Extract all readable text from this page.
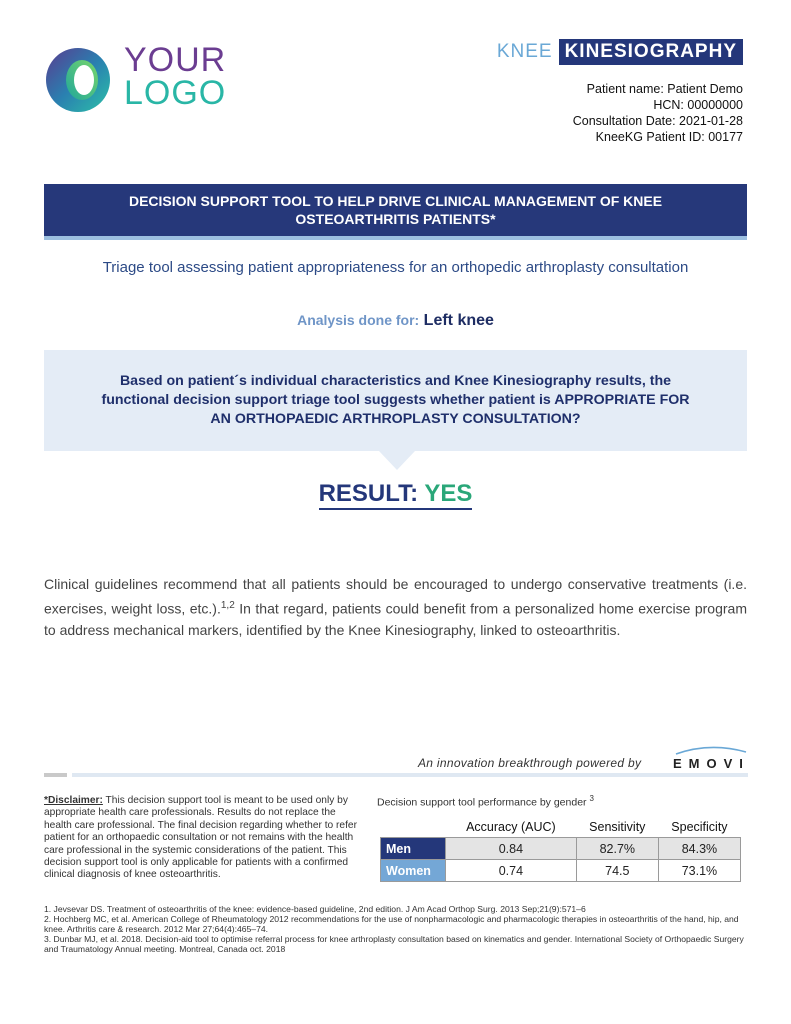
YOUR
LOGO
KNEE KINESIOGRAPHY
Patient name: Patient Demo
HCN: 00000000
Consultation Date: 2021-01-28
KneeKG Patient ID: 00177
DECISION SUPPORT TOOL TO HELP DRIVE CLINICAL MANAGEMENT OF KNEE OSTEOARTHRITIS PATIENTS*
Triage tool assessing patient appropriateness for an orthopedic arthroplasty consultation
Analysis done for: Left knee
Based on patient´s individual characteristics and Knee Kinesiography results, the functional decision support triage tool suggests whether patient is APPROPRIATE FOR AN ORTHOPAEDIC ARTHROPLASTY CONSULTATION?
RESULT: YES
Clinical guidelines recommend that all patients should be encouraged to undergo conservative treatments (i.e. exercises, weight loss, etc.).$^{1,2}$ In that regard, patients could benefit from a personalized home exercise program to address mechanical markers, identified by the Knee Kinesiography, linked to osteoarthritis.
An innovation breakthrough powered by EMOVI
*Disclaimer: This decision support tool is meant to be used only by appropriate health care professionals. Results do not replace the health care professional. The final decision regarding whether to refer patient for an orthopaedic consultation or not remains with the health care professional in the systemic considerations of the patient. This decision support tool is only applicable for patients with a confirmed clinical diagnosis of knee osteoarthritis.
Decision support tool performance by gender $^3$
	Accuracy (AUC)	Sensitivity	Specificity
Men	0.84	82.7%	84.3%
Women	0.74	74.5	73.1%
1. Jevsevar DS. Treatment of osteoarthritis of the knee: evidence-based guideline, 2nd edition. J Am Acad Orthop Surg. 2013 Sep;21(9):571–6
2. Hochberg MC, et al. American College of Rheumatology 2012 recommendations for the use of nonpharmacologic and pharmacologic therapies in osteoarthritis of the hand, hip, and knee. Arthritis care & research. 2012 Mar 27;64(4):465–74.
3. Dunbar MJ, et al. 2018. Decision-aid tool to optimise referral process for knee arthroplasty consultation based on kinematics and gender. International Society of Orthopaedic Surgery and Traumatology Annual meeting. Montreal, Canada oct. 2018
